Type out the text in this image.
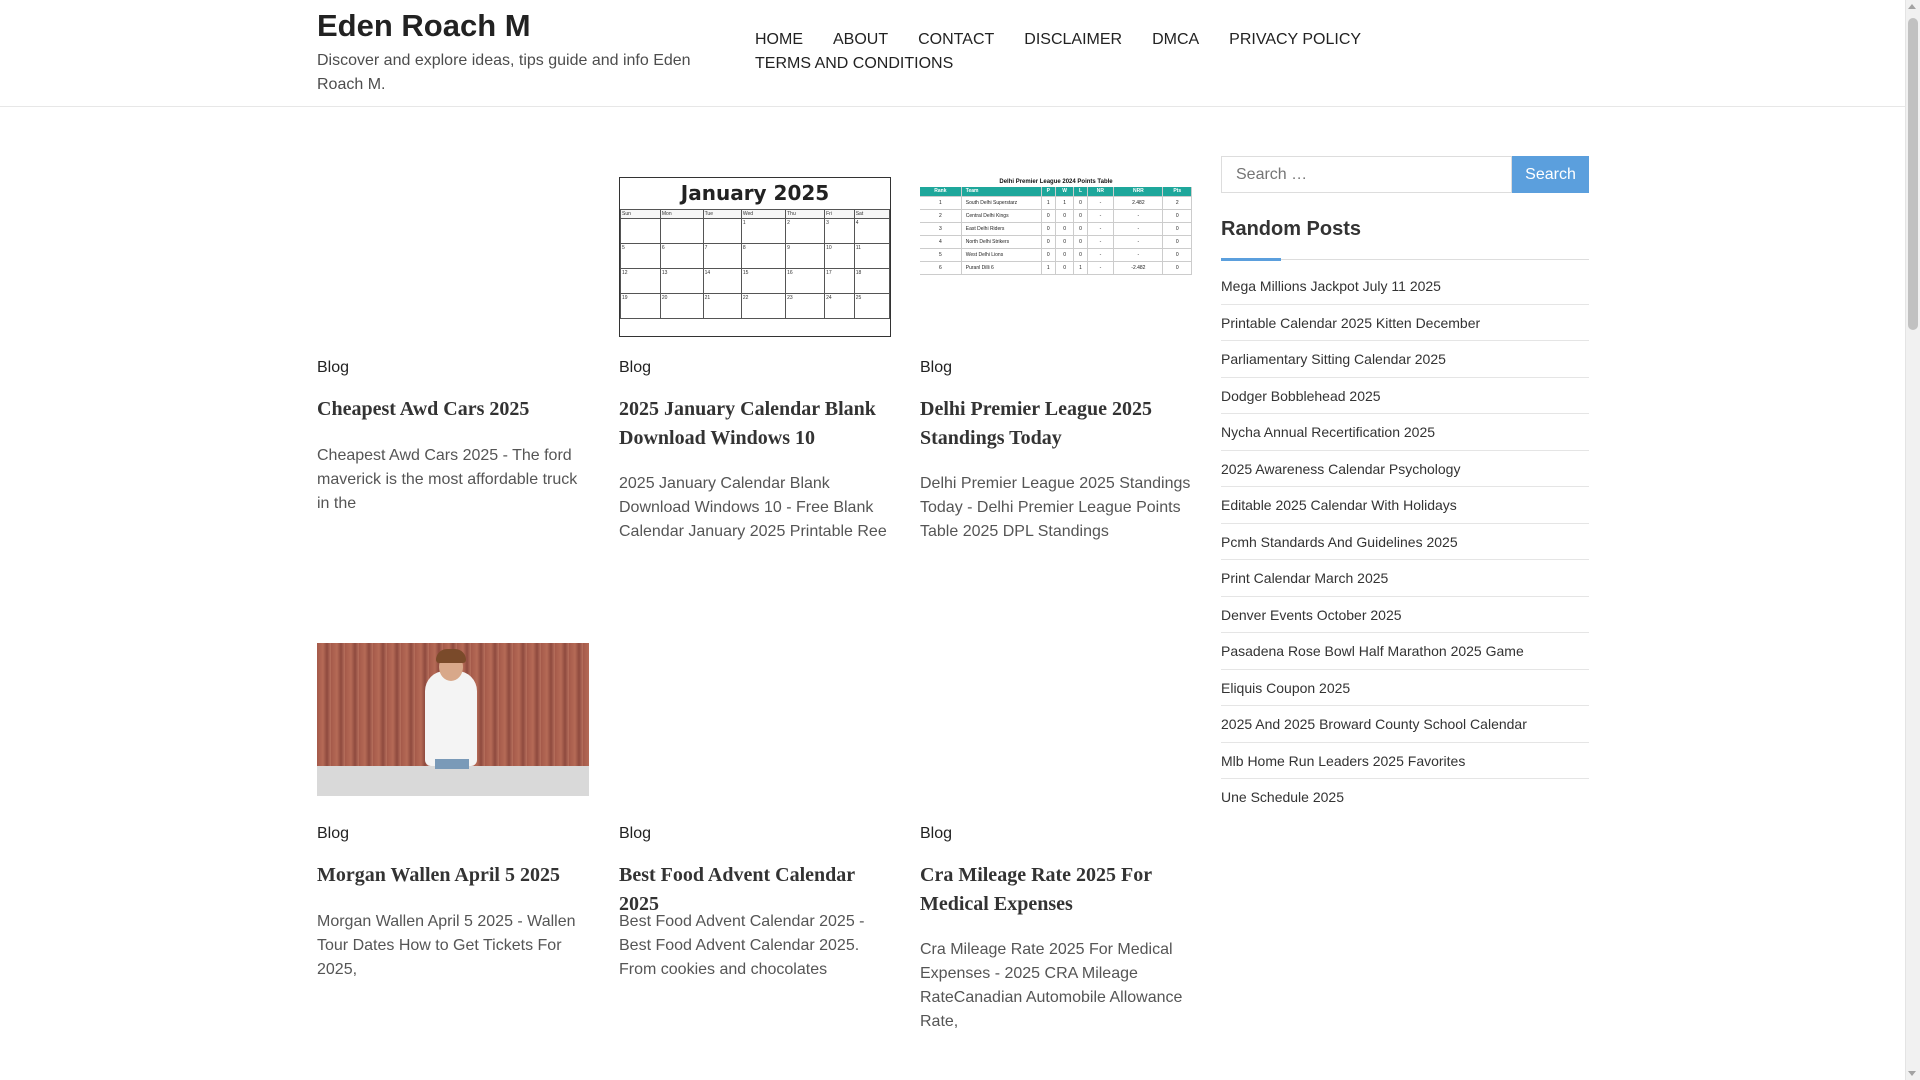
Eden Roach M
Discover and explore ideas, tips guide and info Eden Roach M.
HOME ABOUT CONTACT DISCLAIMER DMCA PRIVACY POLICY
TERMS AND CONDITIONS
Blog
Cheapest Awd Cars 2025
Cheapest Awd Cars 2025 - The ford maverick is the most affordable truck in the
January 2025
Sun	Mon	Tue	Wed	Thu	Fri	Sat
			1	2	3	4
5	6	7	8	9	10	11
12	13	14	15	16	17	18
19	20	21	22	23	24	25
Blog
2025 January Calendar Blank Download Windows 10
2025 January Calendar Blank Download Windows 10 - Free Blank Calendar January 2025 Printable Ree
Delhi Premier League 2024 Points Table
Rank	Team	P	W	L	NR	NRR	Pts
1	South Delhi Superstarz	1	1	0	-	2.482	2
2	Central Delhi Kings	0	0	0	-	-	0
3	East Delhi Riders	0	0	0	-	-	0
4	North Delhi Strikers	0	0	0	-	-	0
5	West Delhi Lions	0	0	0	-	-	0
6	Puranl Dilli 6	1	0	1	-	-2.482	0
Blog
Delhi Premier League 2025 Standings Today
Delhi Premier League 2025 Standings Today - Delhi Premier League Points Table 2025 DPL Standings
Blog
Morgan Wallen April 5 2025
Morgan Wallen April 5 2025 - Wallen Tour Dates How to Get Tickets For 2025,
Blog
Best Food Advent Calendar 2025
Best Food Advent Calendar 2025 - Best Food Advent Calendar 2025. From cookies and chocolates
Blog
Cra Mileage Rate 2025 For Medical Expenses
Cra Mileage Rate 2025 For Medical Expenses - 2025 CRA Mileage RateCanadian Automobile Allowance Rate,
Search …
Search
Random Posts
Mega Millions Jackpot July 11 2025
Printable Calendar 2025 Kitten December
Parliamentary Sitting Calendar 2025
Dodger Bobblehead 2025
Nycha Annual Recertification 2025
2025 Awareness Calendar Psychology
Editable 2025 Calendar With Holidays
Pcmh Standards And Guidelines 2025
Print Calendar March 2025
Denver Events October 2025
Pasadena Rose Bowl Half Marathon 2025 Game
Eliquis Coupon 2025
2025 And 2025 Broward County School Calendar
Mlb Home Run Leaders 2025 Favorites
Une Schedule 2025
